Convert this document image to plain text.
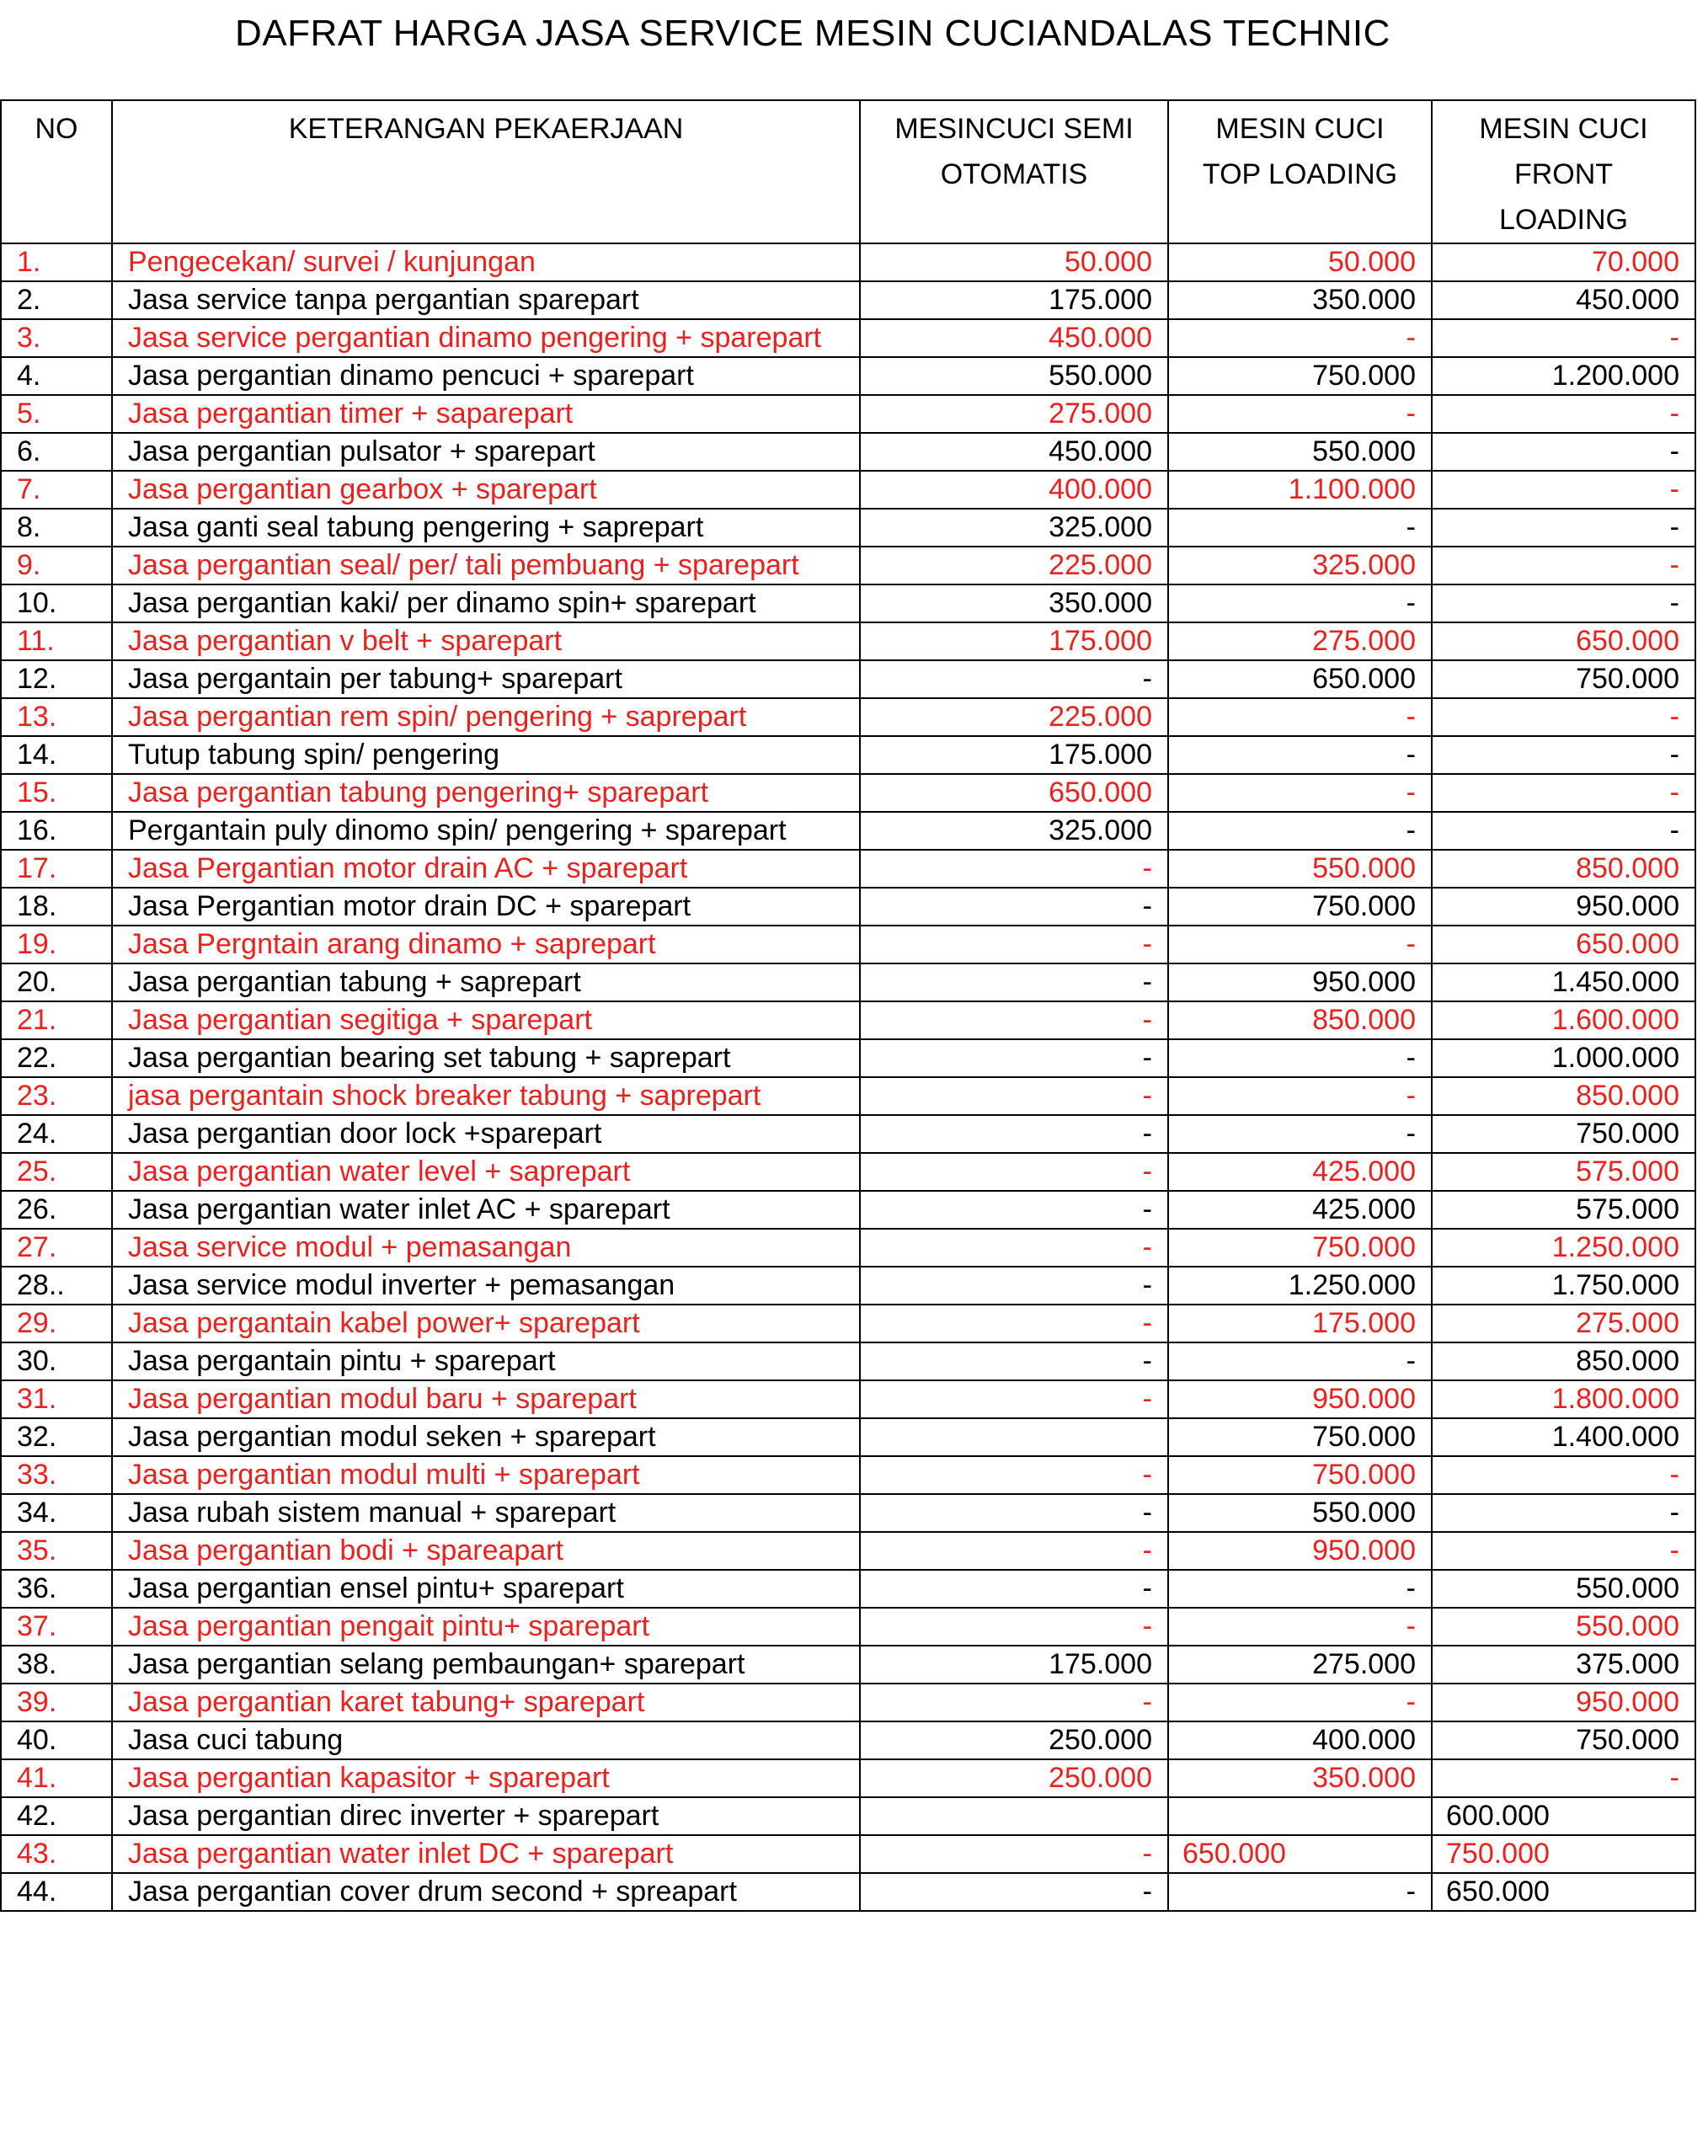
DAFRAT HARGA JASA SERVICE MESIN CUCIANDALAS TECHNIC
NO	KETERANGAN PEKAERJAAN	MESINCUCI SEMI OTOMATIS	MESIN CUCI TOP LOADING	MESIN CUCI FRONT LOADING
1.	Pengecekan/ survei / kunjungan	50.000	50.000	70.000
2.	Jasa service tanpa pergantian sparepart	175.000	350.000	450.000
3.	Jasa service pergantian dinamo pengering + sparepart	450.000	-	-
4.	Jasa pergantian dinamo pencuci + sparepart	550.000	750.000	1.200.000
5.	Jasa pergantian timer + saparepart	275.000	-	-
6.	Jasa pergantian pulsator + sparepart	450.000	550.000	-
7.	Jasa pergantian gearbox + sparepart	400.000	1.100.000	-
8.	Jasa ganti seal tabung pengering + saprepart	325.000	-	-
9.	Jasa pergantian seal/ per/ tali pembuang + sparepart	225.000	325.000	-
10.	Jasa pergantian kaki/ per dinamo spin+ sparepart	350.000	-	-
11.	Jasa pergantian v belt + sparepart	175.000	275.000	650.000
12.	Jasa pergantain per tabung+ sparepart	-	650.000	750.000
13.	Jasa pergantian rem spin/ pengering + saprepart	225.000	-	-
14.	Tutup tabung spin/ pengering	175.000	-	-
15.	Jasa pergantian tabung pengering+ sparepart	650.000	-	-
16.	Pergantain puly dinomo spin/ pengering + sparepart	325.000	-	-
17.	Jasa Pergantian motor drain AC + sparepart	-	550.000	850.000
18.	Jasa Pergantian motor drain DC + sparepart	-	750.000	950.000
19.	Jasa Pergntain arang dinamo + saprepart	-	-	650.000
20.	Jasa pergantian tabung + saprepart	-	950.000	1.450.000
21.	Jasa pergantian segitiga + sparepart	-	850.000	1.600.000
22.	Jasa pergantian bearing set tabung + saprepart	-	-	1.000.000
23.	jasa pergantain shock breaker tabung + saprepart	-	-	850.000
24.	Jasa pergantian door lock +sparepart	-	-	750.000
25.	Jasa pergantian water level + saprepart	-	425.000	575.000
26.	Jasa pergantian water inlet AC + sparepart	-	425.000	575.000
27.	Jasa service modul + pemasangan	-	750.000	1.250.000
28..	Jasa service modul inverter + pemasangan	-	1.250.000	1.750.000
29.	Jasa pergantain kabel power+ sparepart	-	175.000	275.000
30.	Jasa pergantain pintu + sparepart	-	-	850.000
31.	Jasa pergantian modul baru + sparepart	-	950.000	1.800.000
32.	Jasa pergantian modul seken + sparepart		750.000	1.400.000
33.	Jasa pergantian modul multi + sparepart	-	750.000	-
34.	Jasa rubah sistem manual + sparepart	-	550.000	-
35.	Jasa pergantian bodi + spareapart	-	950.000	-
36.	Jasa pergantian ensel pintu+ sparepart	-	-	550.000
37.	Jasa pergantian pengait pintu+ sparepart	-	-	550.000
38.	Jasa pergantian selang pembaungan+ sparepart	175.000	275.000	375.000
39.	Jasa pergantian karet tabung+ sparepart	-	-	950.000
40.	Jasa cuci tabung	250.000	400.000	750.000
41.	Jasa pergantian kapasitor + sparepart	250.000	350.000	-
42.	Jasa pergantian direc inverter + sparepart			600.000
43.	Jasa pergantian water inlet DC + sparepart	-	650.000	750.000
44.	Jasa pergantian cover drum second + spreapart	-	-	650.000
